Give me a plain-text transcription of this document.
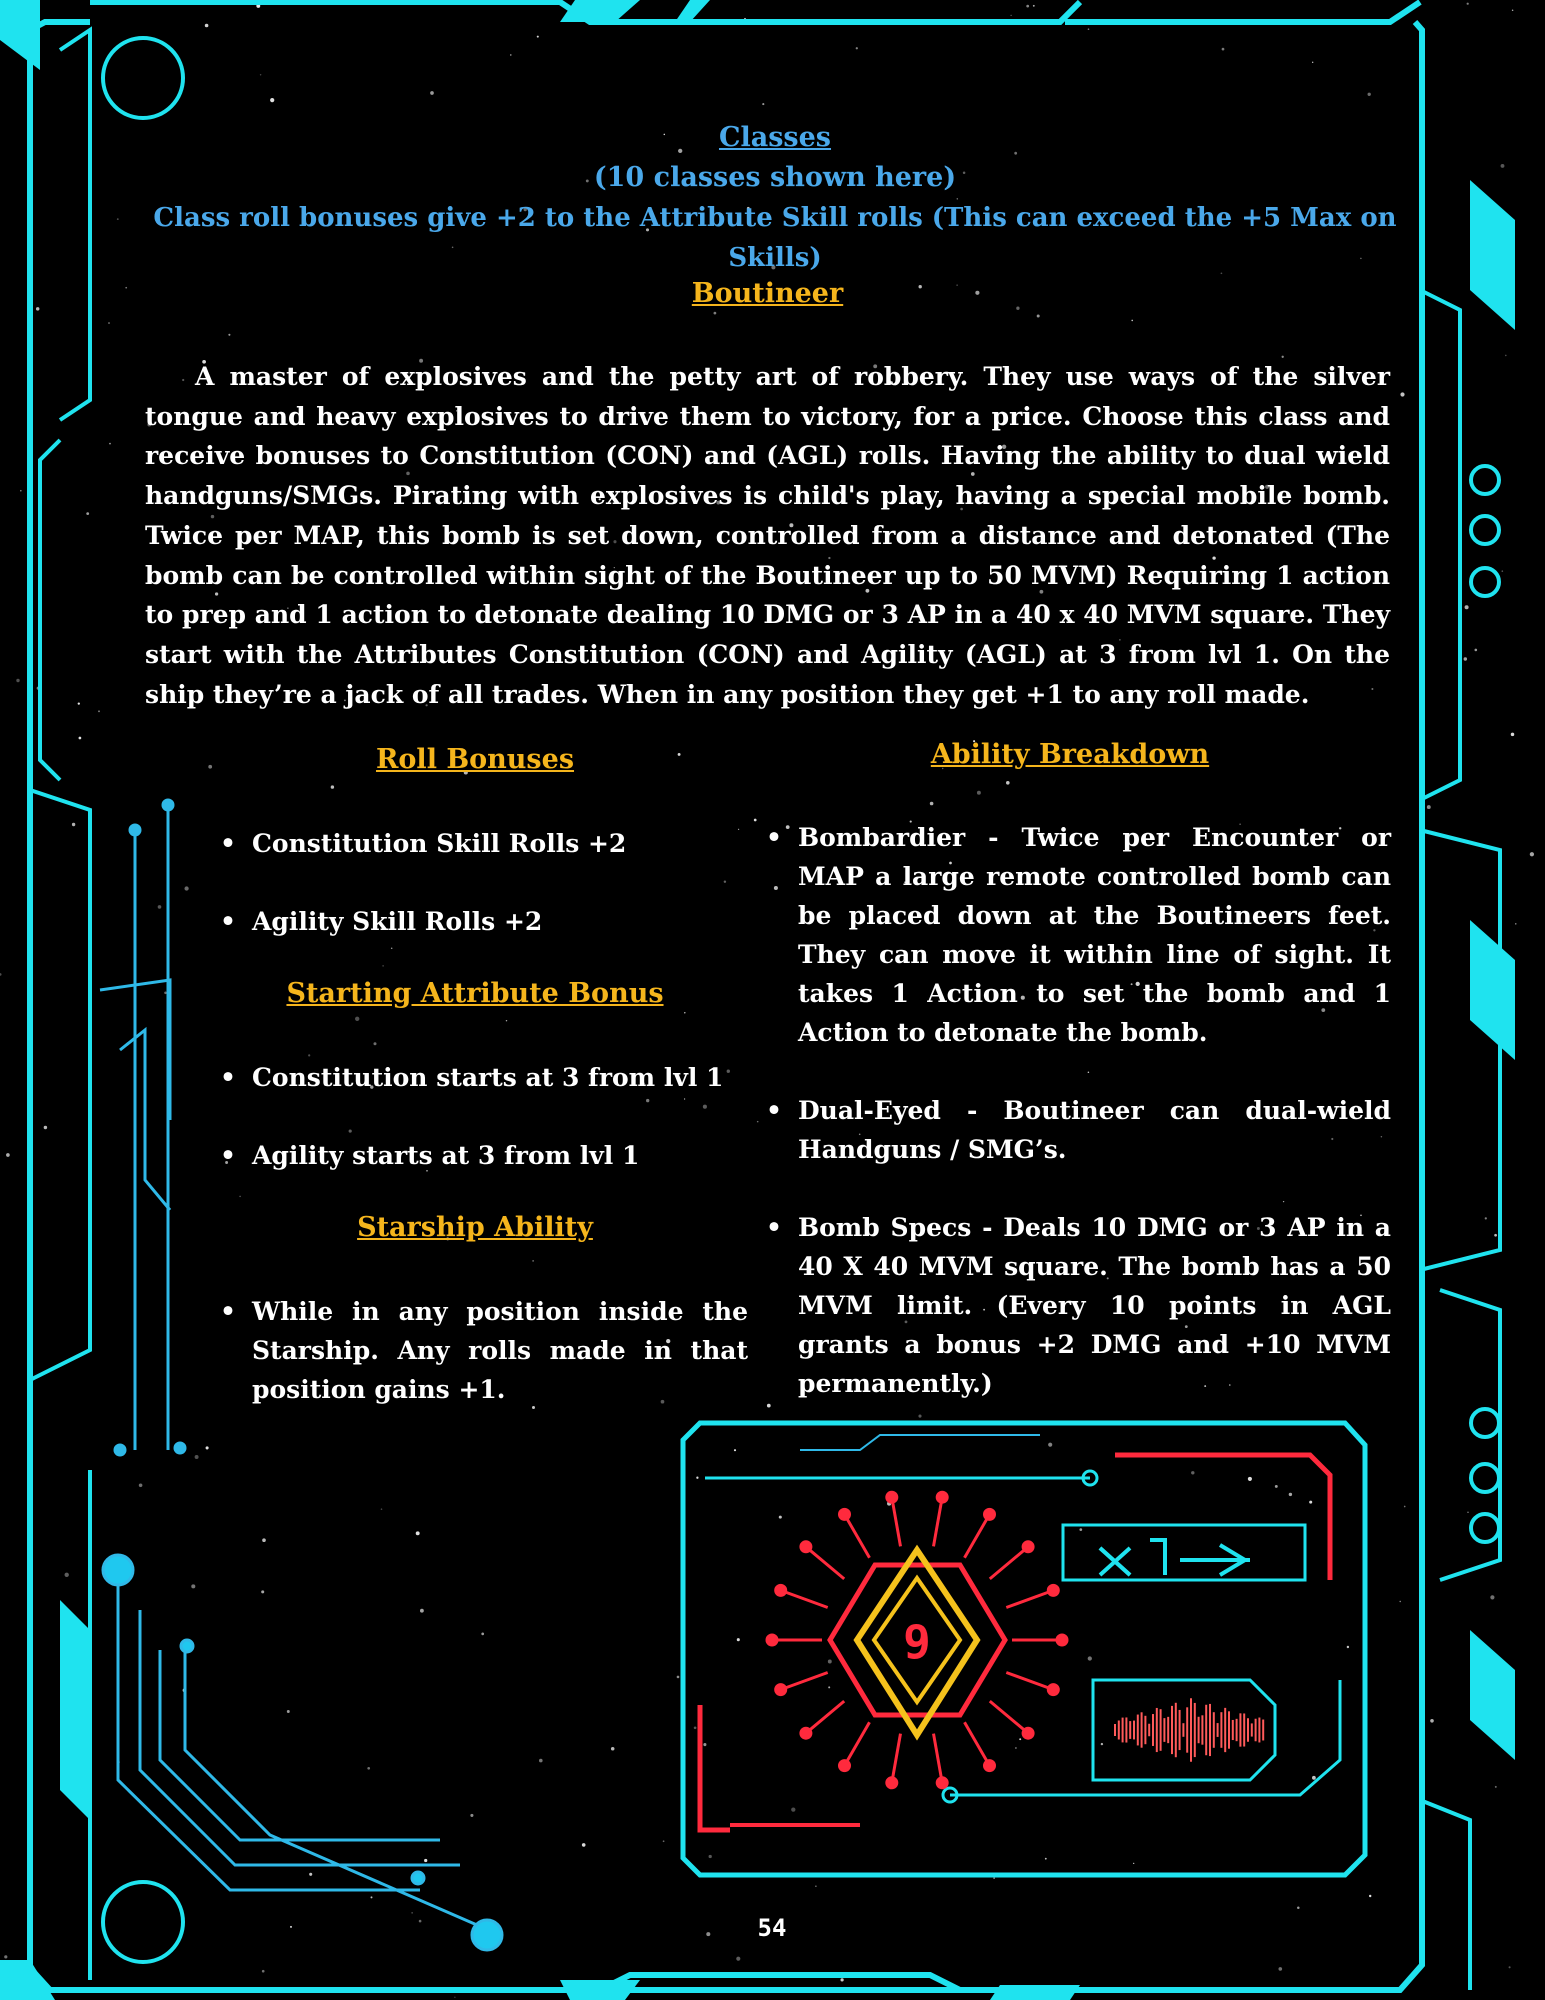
9
Classes
(10 classes shown here)
Class roll bonuses give +2 to the Attribute Skill rolls (This can exceed the +5 Max on Skills)
Boutineer

A master of explosives and the petty art of robbery. They use ways of the silver tongue and heavy explosives to drive them to victory, for a price. Choose this class and receive bonuses to Constitution (CON) and (AGL) rolls. Having the ability to dual wield handguns/SMGs. Pirating with explosives is child's play, having a special mobile bomb. Twice per MAP, this bomb is set down, controlled from a distance and detonated (The bomb can be controlled within sight of the Boutineer up to 50 MVM) Requiring 1 action to prep and 1 action to detonate dealing 10 DMG or 3 AP in a 40 x 40 MVM square. They start with the Attributes Constitution (CON) and Agility (AGL) at 3 from lvl 1. On the ship they’re a jack of all trades. When in any position they get +1 to any roll made.

Roll Bonuses
• Constitution Skill Rolls +2
• Agility Skill Rolls +2
Starting Attribute Bonus
• Constitution starts at 3 from lvl 1
• Agility starts at 3 from lvl 1
Starship Ability
• While in any position inside the Starship. Any rolls made in that position gains +1.
Ability Breakdown
• Bombardier - Twice per Encounter or MAP a large remote controlled bomb can be placed down at the Boutineers feet. They can move it within line of sight. It takes 1 Action to set the bomb and 1 Action to detonate the bomb.
• Dual-Eyed - Boutineer can dual-wield Handguns / SMG’s.
• Bomb Specs - Deals 10 DMG or 3 AP in a 40 X 40 MVM square. The bomb has a 50 MVM limit. (Every 10 points in AGL grants a bonus +2 DMG and +10 MVM permanently.)
54
